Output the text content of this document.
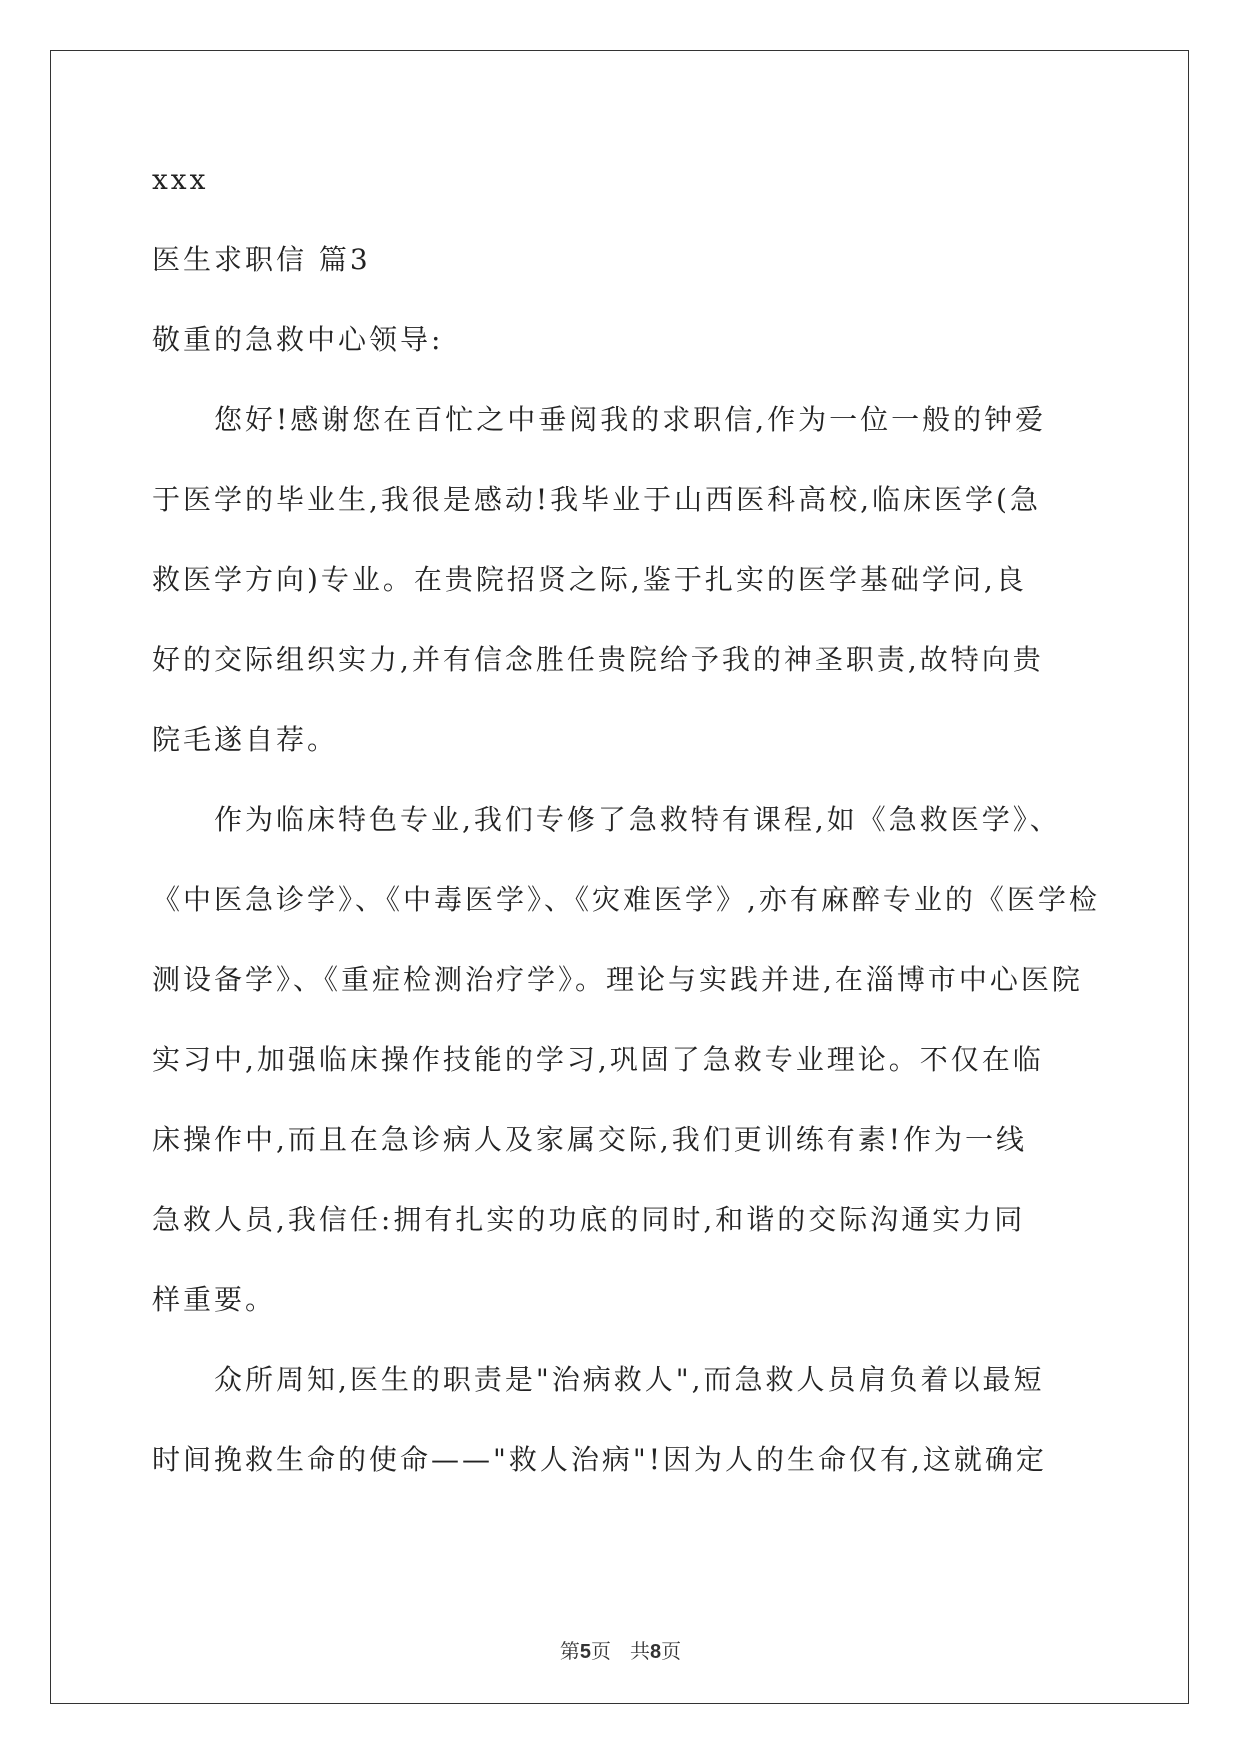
xxx
医生求职信 篇3
敬重的急救中心领导:
您好!感谢您在百忙之中垂阅我的求职信,作为一位一般的钟爱
于医学的毕业生,我很是感动!我毕业于山西医科高校,临床医学(急
救医学方向)专业。在贵院招贤之际,鉴于扎实的医学基础学问,良
好的交际组织实力,并有信念胜任贵院给予我的神圣职责,故特向贵
院毛遂自荐。
作为临床特色专业,我们专修了急救特有课程,如《急救医学》、
《中医急诊学》、《中毒医学》、《灾难医学》,亦有麻醉专业的《医学检
测设备学》、《重症检测治疗学》。理论与实践并进,在淄博市中心医院
实习中,加强临床操作技能的学习,巩固了急救专业理论。不仅在临
床操作中,而且在急诊病人及家属交际,我们更训练有素!作为一线
急救人员,我信任:拥有扎实的功底的同时,和谐的交际沟通实力同
样重要。
众所周知,医生的职责是"治病救人",而急救人员肩负着以最短
时间挽救生命的使命——"救人治病"!因为人的生命仅有,这就确定
第5页   共8页
